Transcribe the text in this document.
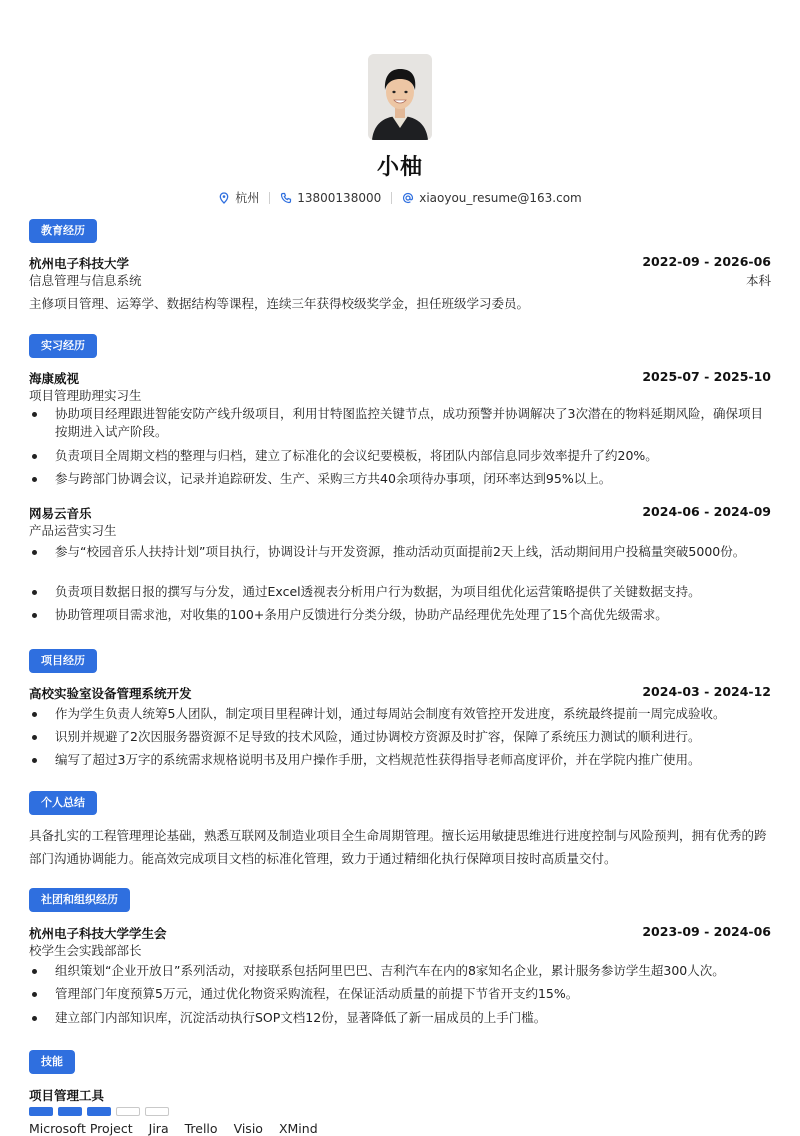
小柚
杭州	13800138000	xiaoyou_resume@163.com
教育经历
杭州电子科技大学	2022-09 - 2026-06
信息管理与信息系统	本科
主修项目管理、运筹学、数据结构等课程，连续三年获得校级奖学金，担任班级学习委员。
实习经历
海康威视	2025-07 - 2025-10
项目管理助理实习生
协助项目经理跟进智能安防产线升级项目，利用甘特图监控关键节点，成功预警并协调解决了3次潜在的物料延期风险，确保项目按期进入试产阶段。
负责项目全周期文档的整理与归档，建立了标准化的会议纪要模板，将团队内部信息同步效率提升了约20%。
参与跨部门协调会议，记录并追踪研发、生产、采购三方共40余项待办事项，闭环率达到95%以上。
网易云音乐	2024-06 - 2024-09
产品运营实习生
参与“校园音乐人扶持计划”项目执行，协调设计与开发资源，推动活动页面提前2天上线，活动期间用户投稿量突破5000份。
负责项目数据日报的撰写与分发，通过Excel透视表分析用户行为数据，为项目组优化运营策略提供了关键数据支持。
协助管理项目需求池，对收集的100+条用户反馈进行分类分级，协助产品经理优先处理了15个高优先级需求。
项目经历
高校实验室设备管理系统开发	2024-03 - 2024-12
作为学生负责人统筹5人团队，制定项目里程碑计划，通过每周站会制度有效管控开发进度，系统最终提前一周完成验收。
识别并规避了2次因服务器资源不足导致的技术风险，通过协调校方资源及时扩容，保障了系统压力测试的顺利进行。
编写了超过3万字的系统需求规格说明书及用户操作手册，文档规范性获得指导老师高度评价，并在学院内推广使用。
个人总结
具备扎实的工程管理理论基础，熟悉互联网及制造业项目全生命周期管理。擅长运用敏捷思维进行进度控制与风险预判，拥有优秀的跨部门沟通协调能力。能高效完成项目文档的标准化管理，致力于通过精细化执行保障项目按时高质量交付。
社团和组织经历
杭州电子科技大学学生会	2023-09 - 2024-06
校学生会实践部部长
组织策划“企业开放日”系列活动，对接联系包括阿里巴巴、吉利汽车在内的8家知名企业，累计服务参访学生超300人次。
管理部门年度预算5万元，通过优化物资采购流程，在保证活动质量的前提下节省开支约15%。
建立部门内部知识库，沉淀活动执行SOP文档12份，显著降低了新一届成员的上手门槛。
技能
项目管理工具
Microsoft Project Jira Trello Visio XMind
